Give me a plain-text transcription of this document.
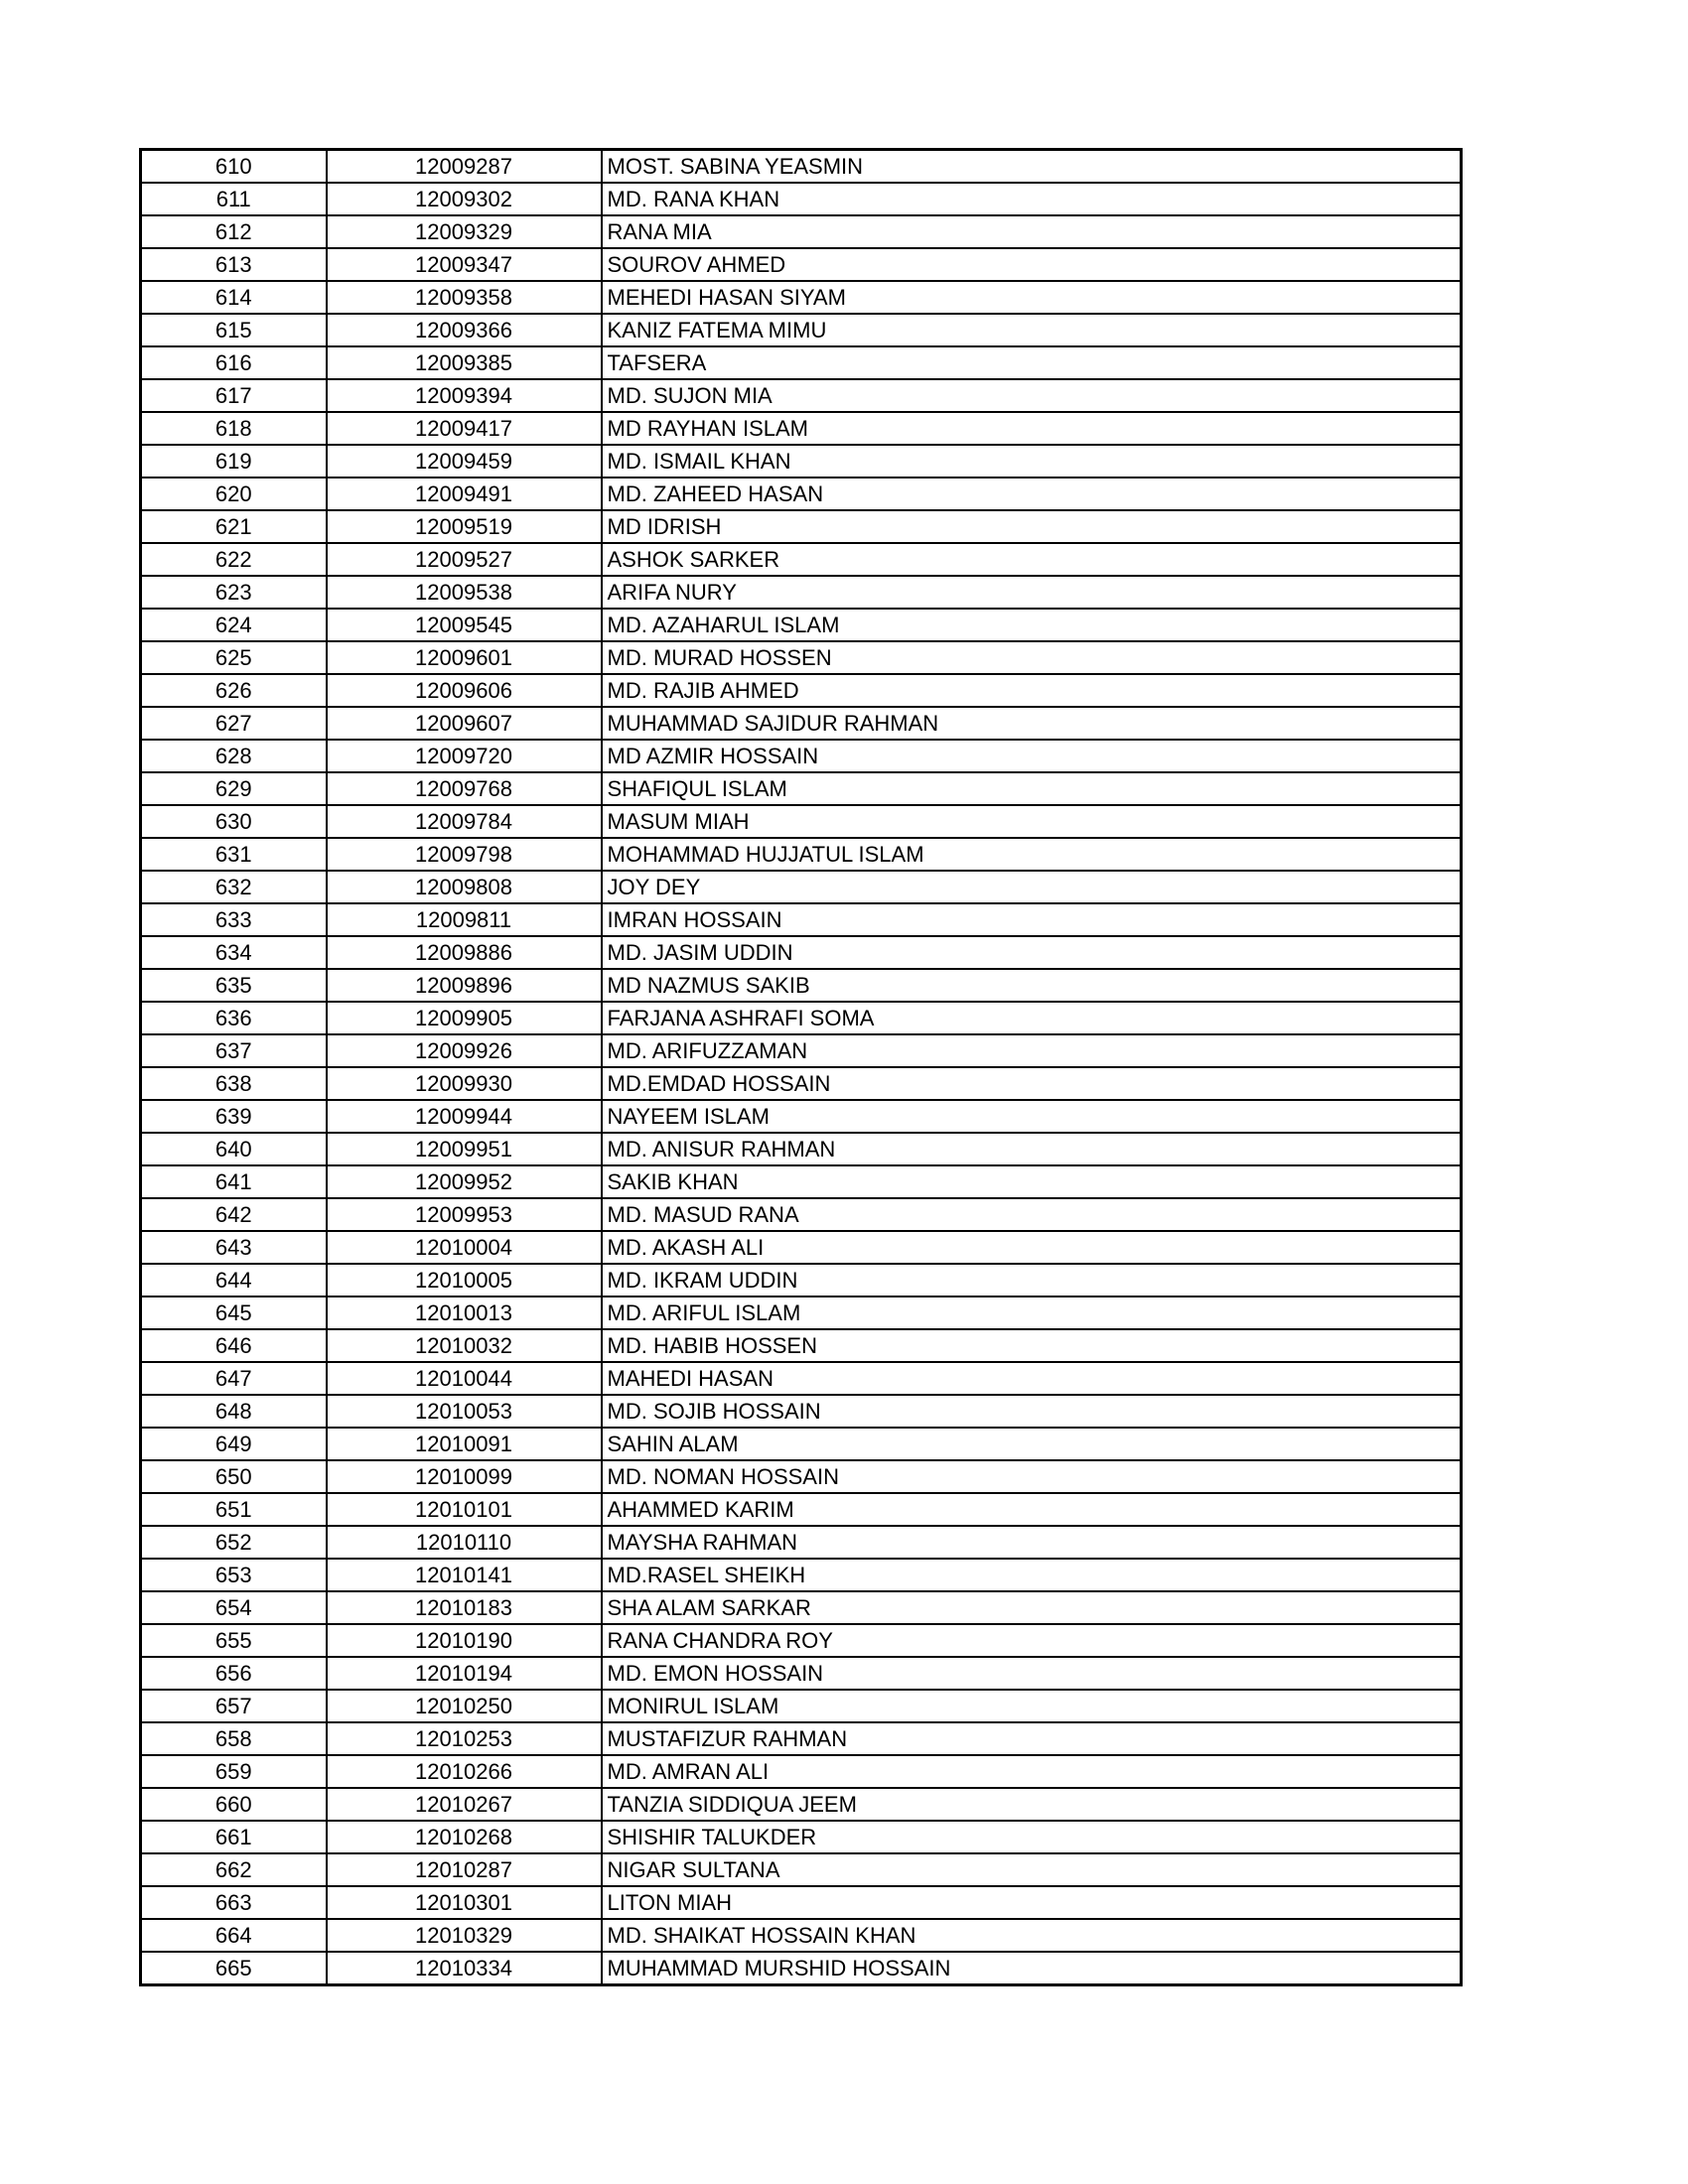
610	12009287	MOST. SABINA YEASMIN
611	12009302	MD. RANA KHAN
612	12009329	RANA MIA
613	12009347	SOUROV AHMED
614	12009358	MEHEDI HASAN SIYAM
615	12009366	KANIZ FATEMA MIMU
616	12009385	TAFSERA
617	12009394	MD. SUJON MIA
618	12009417	MD RAYHAN ISLAM
619	12009459	MD. ISMAIL KHAN
620	12009491	MD. ZAHEED HASAN
621	12009519	MD IDRISH
622	12009527	ASHOK SARKER
623	12009538	ARIFA NURY
624	12009545	MD. AZAHARUL ISLAM
625	12009601	MD. MURAD HOSSEN
626	12009606	MD. RAJIB AHMED
627	12009607	MUHAMMAD SAJIDUR RAHMAN
628	12009720	MD AZMIR HOSSAIN
629	12009768	SHAFIQUL ISLAM
630	12009784	MASUM MIAH
631	12009798	MOHAMMAD HUJJATUL ISLAM
632	12009808	JOY DEY
633	12009811	IMRAN HOSSAIN
634	12009886	MD. JASIM UDDIN
635	12009896	MD NAZMUS SAKIB
636	12009905	FARJANA ASHRAFI SOMA
637	12009926	MD. ARIFUZZAMAN
638	12009930	MD.EMDAD HOSSAIN
639	12009944	NAYEEM ISLAM
640	12009951	MD. ANISUR RAHMAN
641	12009952	SAKIB KHAN
642	12009953	MD. MASUD RANA
643	12010004	MD. AKASH ALI
644	12010005	MD. IKRAM UDDIN
645	12010013	MD. ARIFUL ISLAM
646	12010032	MD. HABIB HOSSEN
647	12010044	MAHEDI HASAN
648	12010053	MD. SOJIB HOSSAIN
649	12010091	SAHIN ALAM
650	12010099	MD. NOMAN HOSSAIN
651	12010101	AHAMMED KARIM
652	12010110	MAYSHA RAHMAN
653	12010141	MD.RASEL SHEIKH
654	12010183	SHA ALAM SARKAR
655	12010190	RANA CHANDRA ROY
656	12010194	MD. EMON HOSSAIN
657	12010250	MONIRUL ISLAM
658	12010253	MUSTAFIZUR RAHMAN
659	12010266	MD. AMRAN ALI
660	12010267	TANZIA SIDDIQUA JEEM
661	12010268	SHISHIR TALUKDER
662	12010287	NIGAR SULTANA
663	12010301	LITON MIAH
664	12010329	MD. SHAIKAT HOSSAIN KHAN
665	12010334	MUHAMMAD MURSHID HOSSAIN
